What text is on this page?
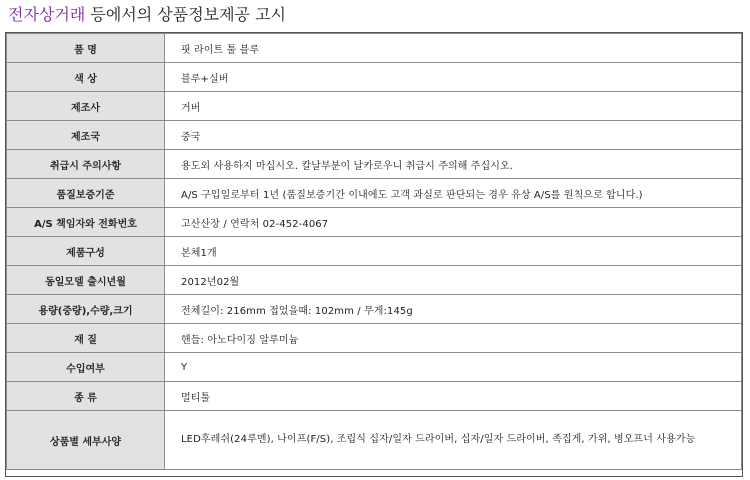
전자상거래 등에서의 상품정보제공 고시
품 명	핏 라이트 툴 블루
색 상	블루+실버
제조사	거버
제조국	중국
취급시 주의사항	용도외 사용하지 마십시오. 칼날부분이 날카로우니 취급시 주의해 주십시오.
품질보증기준	A/S 구입일로부터 1년 (품질보증기간 이내에도 고객 과실로 판단되는 경우 유상 A/S를 원칙으로 합니다.)
A/S 책임자와 전화번호	고산산장 / 연락처 02-452-4067
제품구성	본체1개
동일모델 출시년월	2012년02월
용량(중량),수량,크기	전체길이: 216mm 접었을때: 102mm / 무게:145g
재 질	핸들: 아노다이징 알루미늄
수입여부	Y
종 류	멀티툴
상품별 세부사양	LED후레쉬(24루멘), 나이프(F/S), 조립식 십자/일자 드라이버, 십자/일자 드라이버, 족집게, 가위, 병오프너 사용가능
